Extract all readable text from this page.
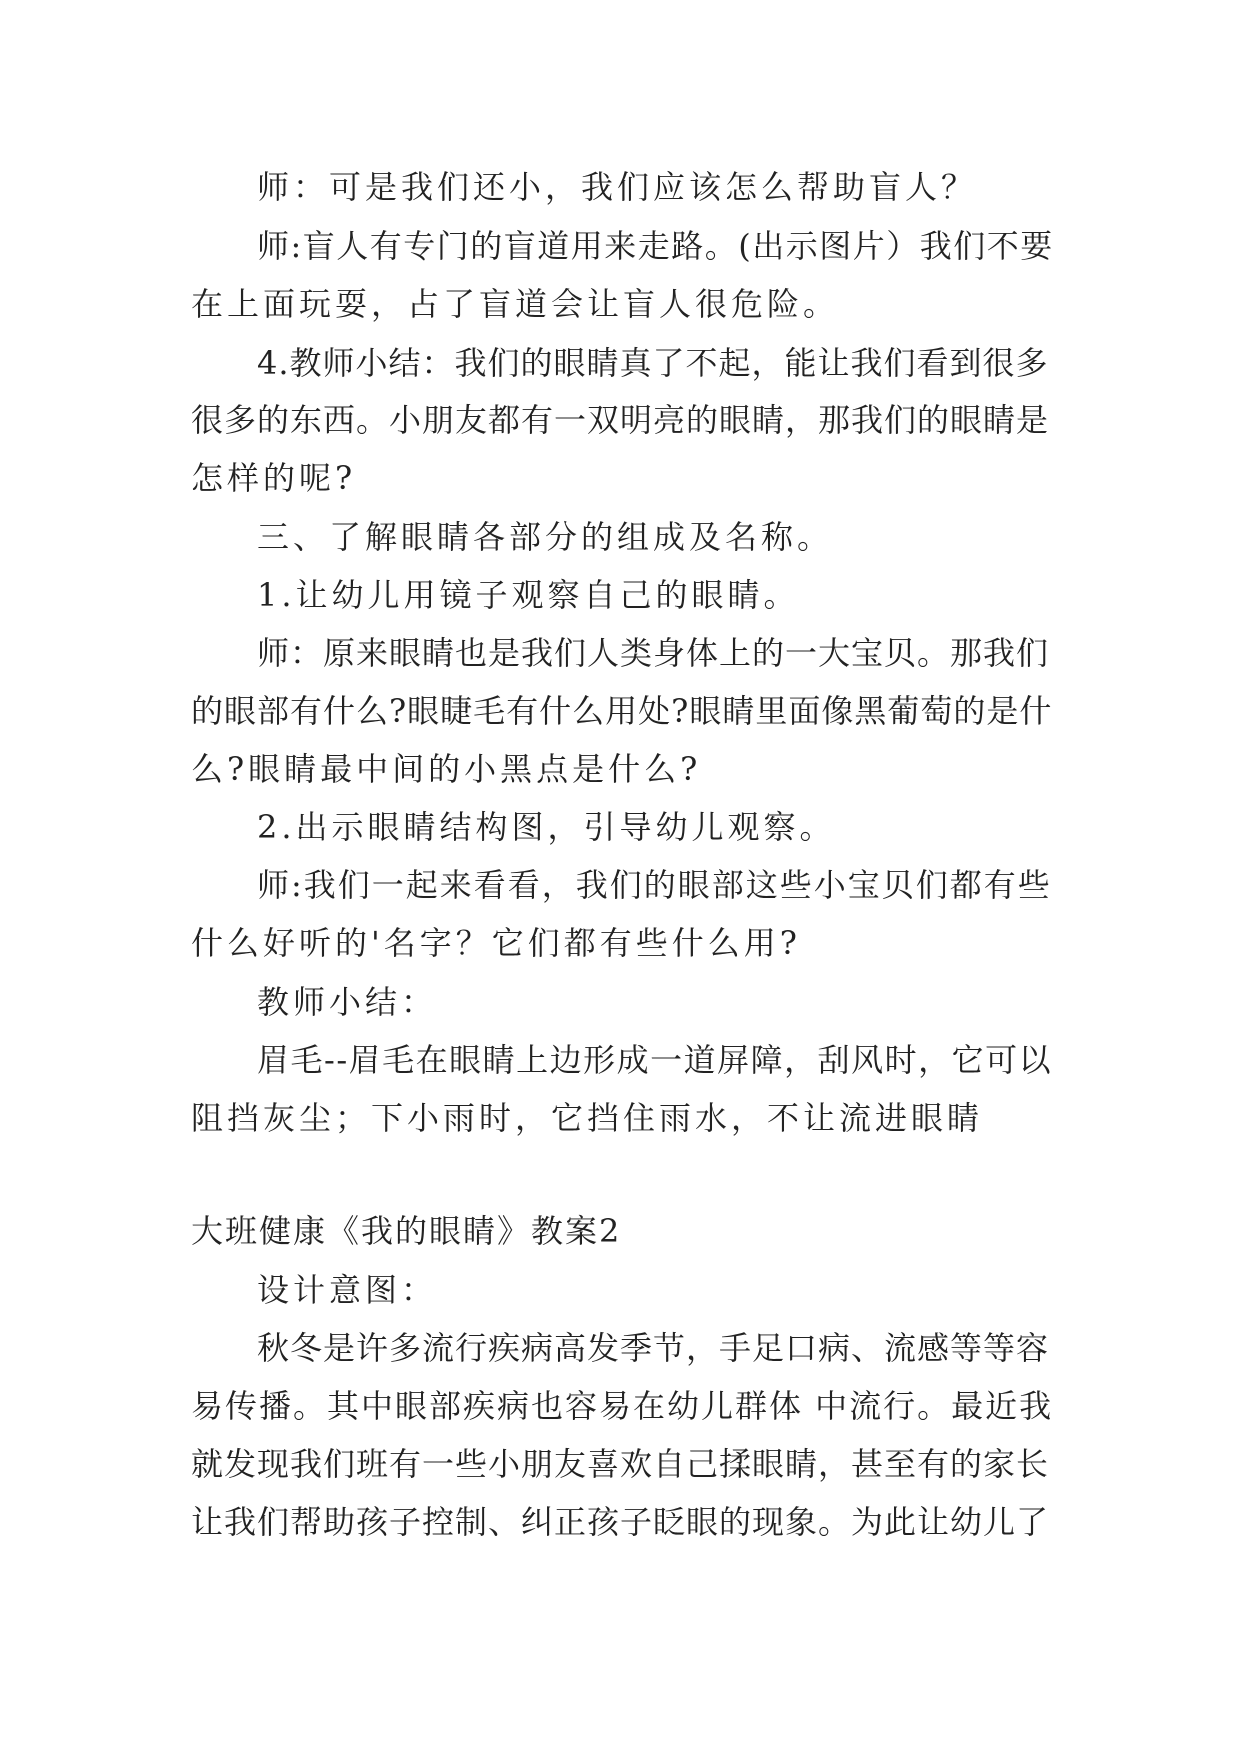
师：可是我们还小，我们应该怎么帮助盲人？
师:盲人有专门的盲道用来走路。(出示图片）我们不要
在上面玩耍，占了盲道会让盲人很危险。
4.教师小结：我们的眼睛真了不起，能让我们看到很多
很多的东西。小朋友都有一双明亮的眼睛，那我们的眼睛是
怎样的呢?
三、了解眼睛各部分的组成及名称。
1.让幼儿用镜子观察自己的眼睛。
师：原来眼睛也是我们人类身体上的一大宝贝。那我们
的眼部有什么?眼睫毛有什么用处?眼睛里面像黑葡萄的是什
么?眼睛最中间的小黑点是什么?
2.出示眼睛结构图，引导幼儿观察。
师:我们一起来看看，我们的眼部这些小宝贝们都有些
什么好听的'名字？它们都有些什么用?
教师小结：
眉毛--眉毛在眼睛上边形成一道屏障，刮风时，它可以
阻挡灰尘；下小雨时，它挡住雨水，不让流进眼睛
大班健康《我的眼睛》教案2
设计意图：
秋冬是许多流行疾病高发季节，手足口病、流感等等容
易传播。其中眼部疾病也容易在幼儿群体 中流行。最近我
就发现我们班有一些小朋友喜欢自己揉眼睛，甚至有的家长
让我们帮助孩子控制、纠正孩子眨眼的现象。为此让幼儿了
